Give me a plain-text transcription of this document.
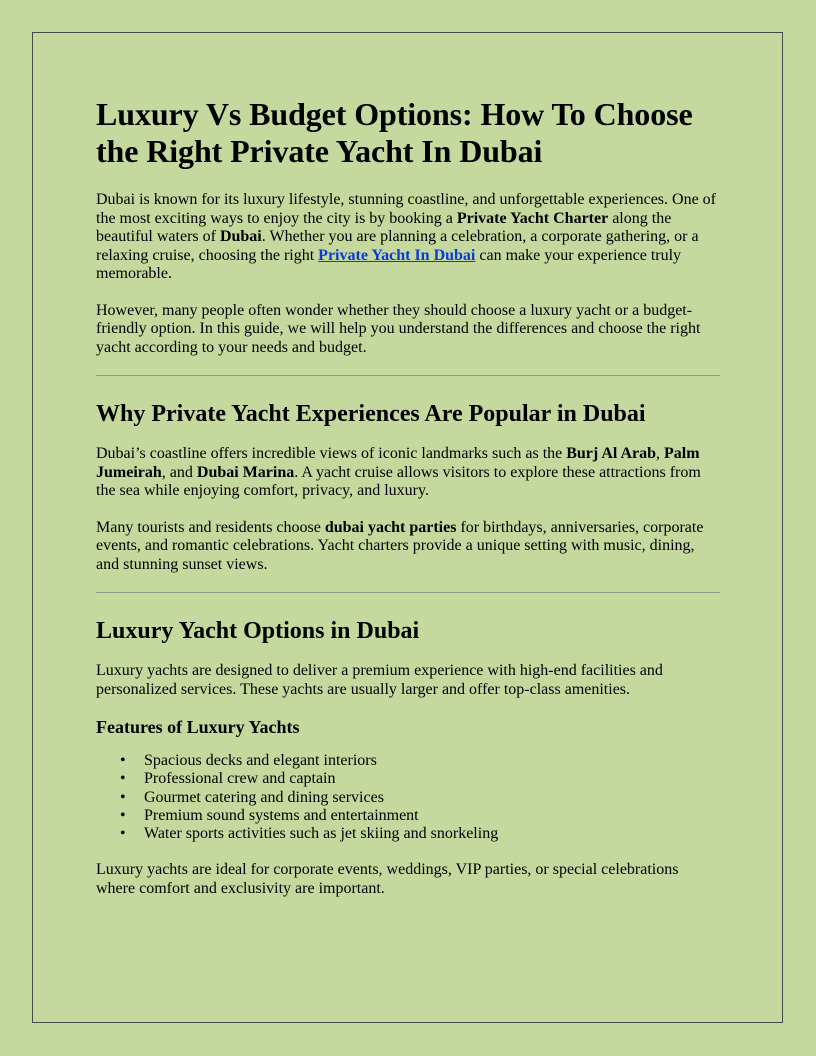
Luxury Vs Budget Options: How To Choose the Right Private Yacht In Dubai

Dubai is known for its luxury lifestyle, stunning coastline, and unforgettable experiences. One of the most exciting ways to enjoy the city is by booking a Private Yacht Charter along the beautiful waters of Dubai. Whether you are planning a celebration, a corporate gathering, or a relaxing cruise, choosing the right Private Yacht In Dubai can make your experience truly memorable.

However, many people often wonder whether they should choose a luxury yacht or a budget-friendly option. In this guide, we will help you understand the differences and choose the right yacht according to your needs and budget.

Why Private Yacht Experiences Are Popular in Dubai

Dubai’s coastline offers incredible views of iconic landmarks such as the Burj Al Arab, Palm Jumeirah, and Dubai Marina. A yacht cruise allows visitors to explore these attractions from the sea while enjoying comfort, privacy, and luxury.

Many tourists and residents choose dubai yacht parties for birthdays, anniversaries, corporate events, and romantic celebrations. Yacht charters provide a unique setting with music, dining, and stunning sunset views.

Luxury Yacht Options in Dubai

Luxury yachts are designed to deliver a premium experience with high-end facilities and personalized services. These yachts are usually larger and offer top-class amenities.

Features of Luxury Yachts
• Spacious decks and elegant interiors
• Professional crew and captain
• Gourmet catering and dining services
• Premium sound systems and entertainment
• Water sports activities such as jet skiing and snorkeling

Luxury yachts are ideal for corporate events, weddings, VIP parties, or special celebrations where comfort and exclusivity are important.
